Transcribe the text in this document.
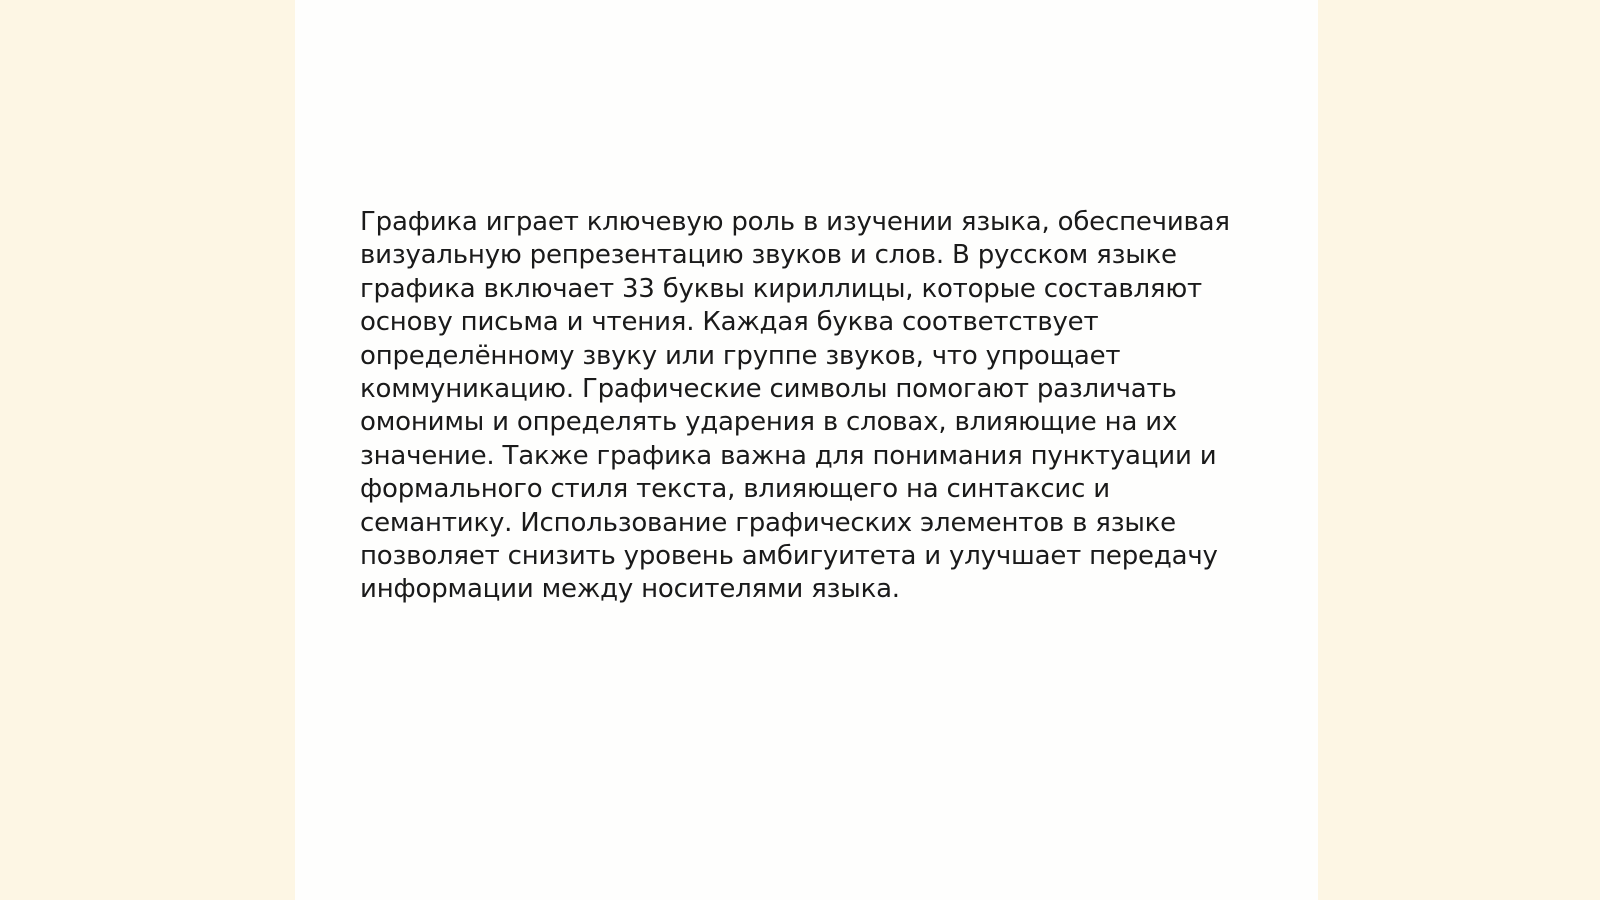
Графика играет ключевую роль в изучении языка, обеспечивая
визуальную репрезентацию звуков и слов. В русском языке
графика включает 33 буквы кириллицы, которые составляют
основу письма и чтения. Каждая буква соответствует
определённому звуку или группе звуков, что упрощает
коммуникацию. Графические символы помогают различать
омонимы и определять ударения в словах, влияющие на их
значение. Также графика важна для понимания пунктуации и
формального стиля текста, влияющего на синтаксис и
семантику. Использование графических элементов в языке
позволяет снизить уровень амбигуитета и улучшает передачу
информации между носителями языка.
